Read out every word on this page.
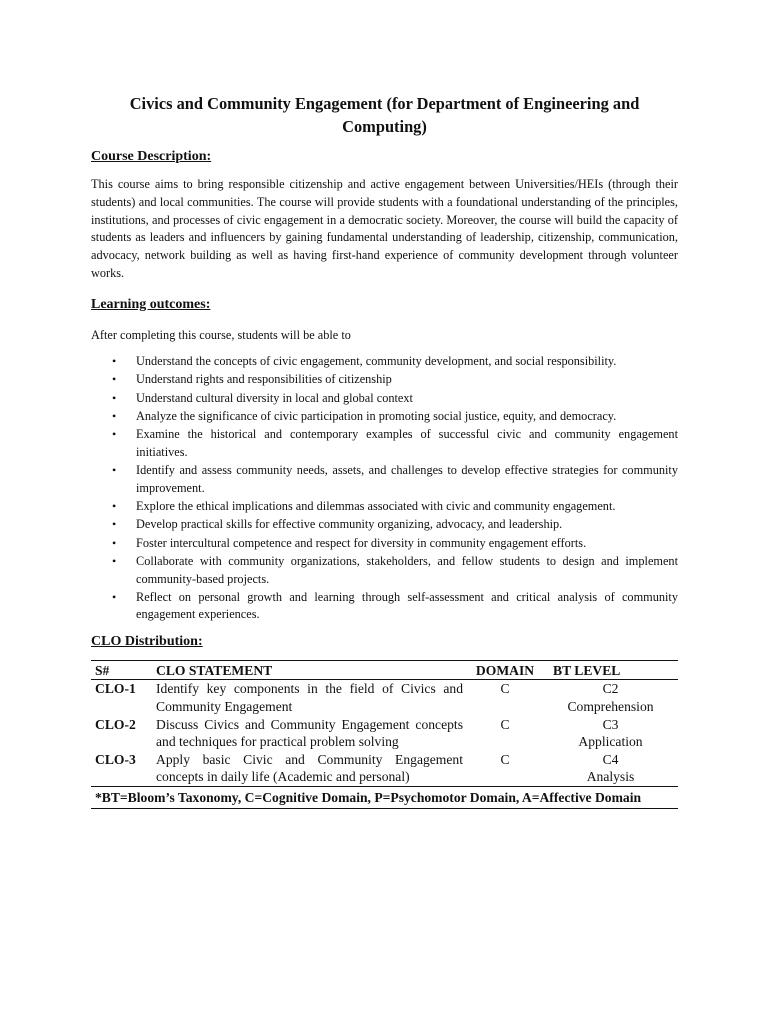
Civics and Community Engagement (for Department of Engineering and Computing)
Course Description:

This course aims to bring responsible citizenship and active engagement between Universities/HEIs (through their students) and local communities. The course will provide students with a foundational understanding of the principles, institutions, and processes of civic engagement in a democratic society. Moreover, the course will build the capacity of students as leaders and influencers by gaining fundamental understanding of leadership, citizenship, communication, advocacy, network building as well as having first-hand experience of community development through volunteer works.

Learning outcomes:

After completing this course, students will be able to

• Understand the concepts of civic engagement, community development, and social responsibility.
• Understand rights and responsibilities of citizenship
• Understand cultural diversity in local and global context
• Analyze the significance of civic participation in promoting social justice, equity, and democracy.
• Examine the historical and contemporary examples of successful civic and community engagement initiatives.
• Identify and assess community needs, assets, and challenges to develop effective strategies for community improvement.
• Explore the ethical implications and dilemmas associated with civic and community engagement.
• Develop practical skills for effective community organizing, advocacy, and leadership.
• Foster intercultural competence and respect for diversity in community engagement efforts.
• Collaborate with community organizations, stakeholders, and fellow students to design and implement community-based projects.
• Reflect on personal growth and learning through self-assessment and critical analysis of community engagement experiences.
CLO Distribution:
S#	CLO STATEMENT	DOMAIN	BT LEVEL
CLO-1	Identify key components in the field of Civics and Community Engagement	C	C2
Comprehension

CLO-2	Discuss Civics and Community Engagement concepts and techniques for practical problem solving	C	C3
Application

CLO-3	Apply basic Civic and Community Engagement concepts in daily life (Academic and personal)	C	C4
Analysis

*BT=Bloom’s Taxonomy, C=Cognitive Domain, P=Psychomotor Domain, A=Affective Domain			
